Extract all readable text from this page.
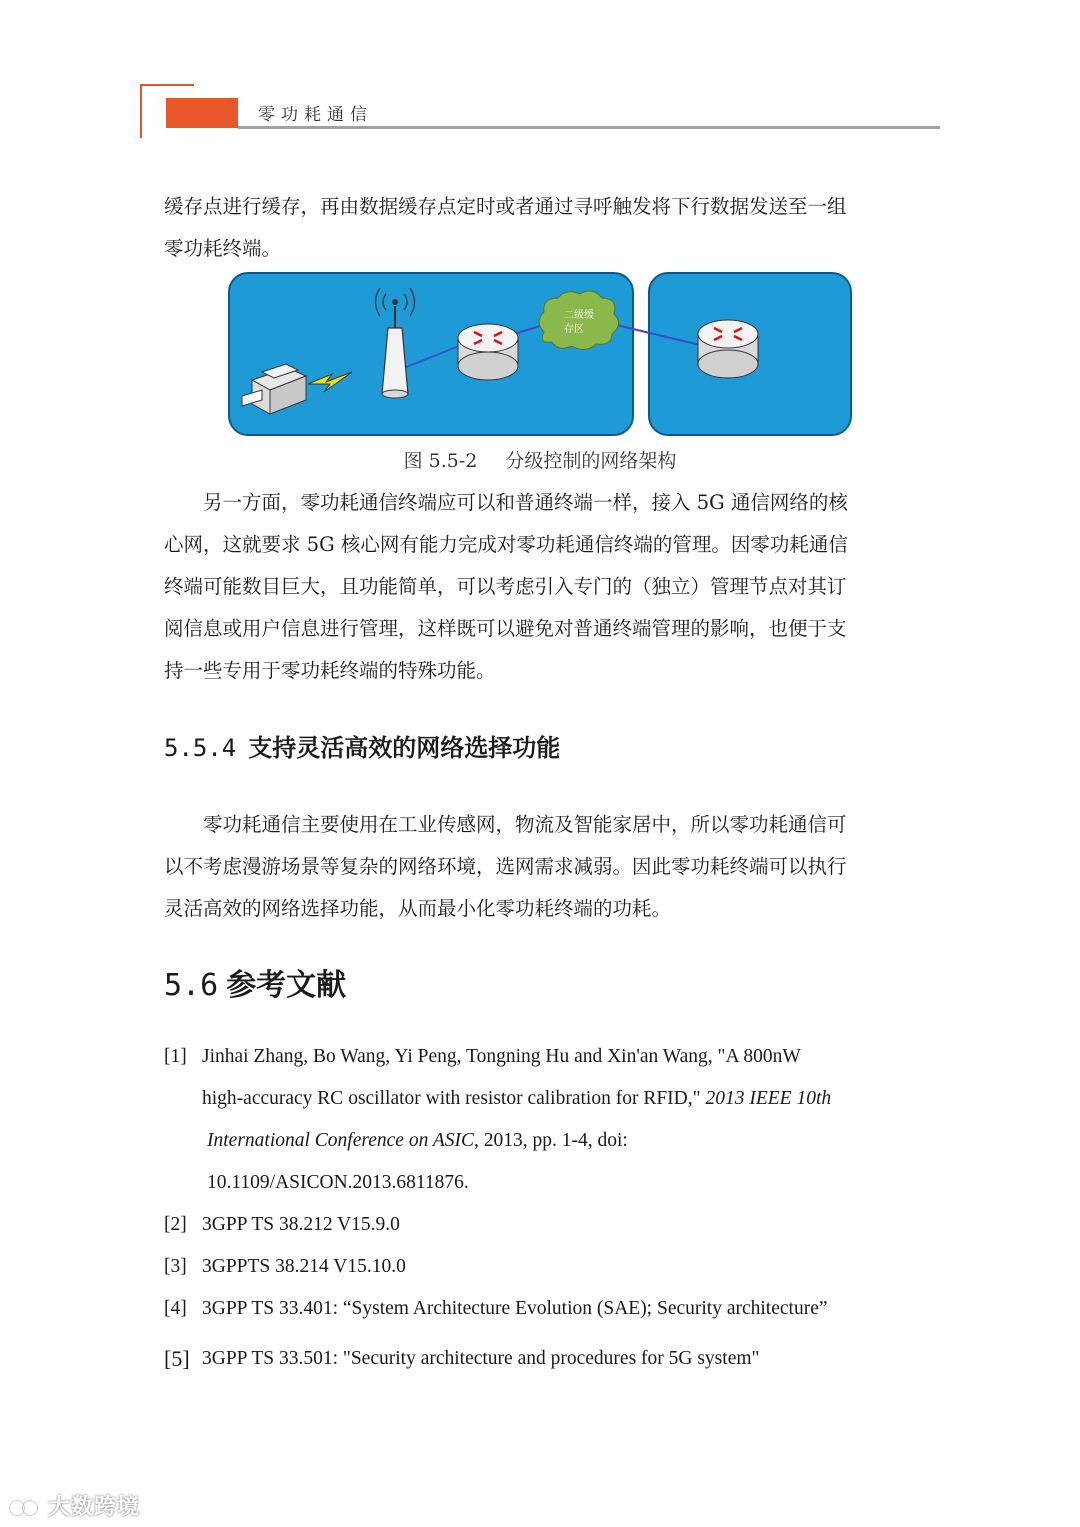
零功耗通信

缓存点进行缓存，再由数据缓存点定时或者通过寻呼触发将下行数据发送至一组
零功耗终端。

二级缓
存区
图 5.5-2 分级控制的网络架构

另一方面，零功耗通信终端应可以和普通终端一样，接入 5G 通信网络的核
心网，这就要求 5G 核心网有能力完成对零功耗通信终端的管理。因零功耗通信
终端可能数目巨大，且功能简单，可以考虑引入专门的（独立）管理节点对其订
阅信息或用户信息进行管理，这样既可以避免对普通终端管理的影响，也便于支
持一些专用于零功耗终端的特殊功能。

5.5.4 支持灵活高效的网络选择功能

零功耗通信主要使用在工业传感网，物流及智能家居中，所以零功耗通信可
以不考虑漫游场景等复杂的网络环境，选网需求减弱。因此零功耗终端可以执行
灵活高效的网络选择功能，从而最小化零功耗终端的功耗。

5.6 参考文献
[1] Jinhai Zhang, Bo Wang, Yi Peng, Tongning Hu and Xin'an Wang, "A 800nW
high-accuracy RC oscillator with resistor calibration for RFID," 2013 IEEE 10th
International Conference on ASIC, 2013, pp. 1-4, doi:
10.1109/ASICON.2013.6811876.
[2] 3GPP TS 38.212 V15.9.0
[3] 3GPPTS 38.214 V15.10.0
[4] 3GPP TS 33.401: “System Architecture Evolution (SAE); Security architecture”
[5] 3GPP TS 33.501: "Security architecture and procedures for 5G system"
大数跨境
